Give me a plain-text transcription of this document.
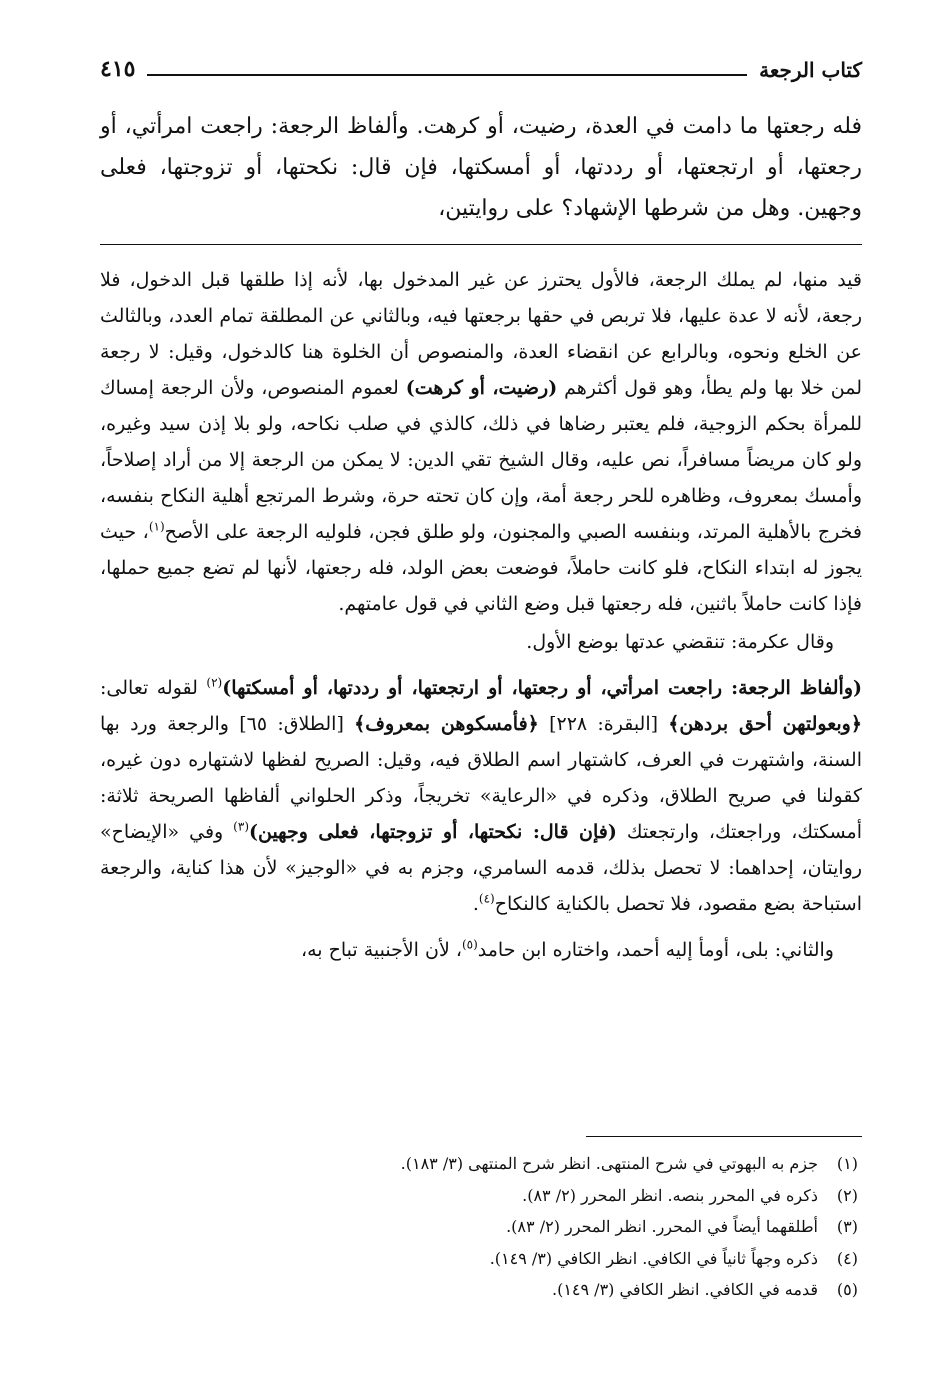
كتاب الرجعة
٤١٥

فله رجعتها ما دامت في العدة، رضيت، أو كرهت. وألفاظ الرجعة: راجعت امرأتي، أو رجعتها، أو ارتجعتها، أو رددتها، أو أمسكتها، فإن قال: نكحتها، أو تزوجتها، فعلى وجهين. وهل من شرطها الإشهاد؟ على روايتين،

قيد منها، لم يملك الرجعة، فالأول يحترز عن غير المدخول بها، لأنه إذا طلقها قبل الدخول، فلا رجعة، لأنه لا عدة عليها، فلا تربص في حقها برجعتها فيه، وبالثاني عن المطلقة تمام العدد، وبالثالث عن الخلع ونحوه، وبالرابع عن انقضاء العدة، والمنصوص أن الخلوة هنا كالدخول، وقيل: لا رجعة لمن خلا بها ولم يطأ، وهو قول أكثرهم (رضيت، أو كرهت) لعموم المنصوص، ولأن الرجعة إمساك للمرأة بحكم الزوجية، فلم يعتبر رضاها في ذلك، كالذي في صلب نكاحه، ولو بلا إذن سيد وغيره، ولو كان مريضاً مسافراً، نص عليه، وقال الشيخ تقي الدين: لا يمكن من الرجعة إلا من أراد إصلاحاً، وأمسك بمعروف، وظاهره للحر رجعة أمة، وإن كان تحته حرة، وشرط المرتجع أهلية النكاح بنفسه، فخرج بالأهلية المرتد، وبنفسه الصبي والمجنون، ولو طلق فجن، فلوليه الرجعة على الأصح$^{(١)}$، حيث يجوز له ابتداء النكاح، فلو كانت حاملاً، فوضعت بعض الولد، فله رجعتها، لأنها لم تضع جميع حملها، فإذا كانت حاملاً باثنين، فله رجعتها قبل وضع الثاني في قول عامتهم.

وقال عكرمة: تنقضي عدتها بوضع الأول.

(وألفاظ الرجعة: راجعت امرأتي، أو رجعتها، أو ارتجعتها، أو رددتها، أو أمسكتها)$^{(٢)}$ لقوله تعالى: ﴿وبعولتهن أحق بردهن﴾ [البقرة: ٢٢٨] ﴿فأمسكوهن بمعروف﴾ [الطلاق: ٦٥] والرجعة ورد بها السنة، واشتهرت في العرف، كاشتهار اسم الطلاق فيه، وقيل: الصريح لفظها لاشتهاره دون غيره، كقولنا في صريح الطلاق، وذكره في «الرعاية» تخريجاً، وذكر الحلواني ألفاظها الصريحة ثلاثة: أمسكتك، وراجعتك، وارتجعتك (فإن قال: نكحتها، أو تزوجتها، فعلى وجهين)$^{(٣)}$ وفي «الإيضاح» روايتان، إحداهما: لا تحصل بذلك، قدمه السامري، وجزم به في «الوجيز» لأن هذا كناية، والرجعة استباحة بضع مقصود، فلا تحصل بالكناية كالنكاح$^{(٤)}$.

والثاني: بلى، أومأ إليه أحمد، واختاره ابن حامد$^{(٥)}$، لأن الأجنبية تباح به،

(١)
جزم به البهوتي في شرح المنتهى. انظر شرح المنتهى (٣/ ١٨٣).
(٢)
ذكره في المحرر بنصه. انظر المحرر (٢/ ٨٣).
(٣)
أطلقهما أيضاً في المحرر. انظر المحرر (٢/ ٨٣).
(٤)
ذكره وجهاً ثانياً في الكافي. انظر الكافي (٣/ ١٤٩).
(٥)
قدمه في الكافي. انظر الكافي (٣/ ١٤٩).
